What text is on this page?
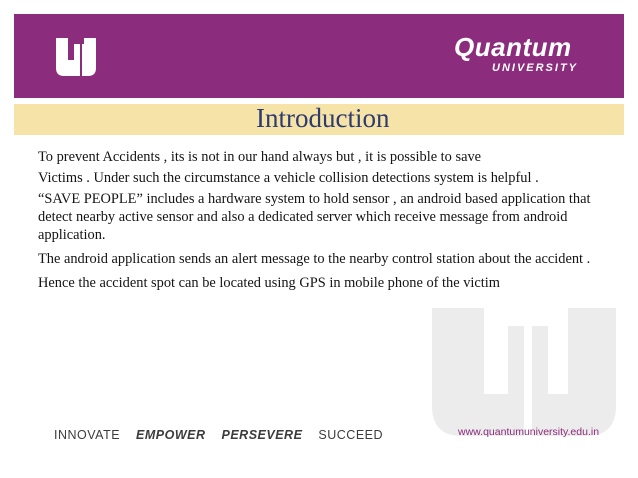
Quantum
UNIVERSITY
Introduction

To prevent Accidents , its is not in our hand always but , it is possible to save

Victims . Under such the circumstance a vehicle collision detections system is helpful .

“SAVE PEOPLE” includes a hardware system to hold sensor , an android based application that detect nearby active sensor and also a dedicated server which receive message from android application.

The android application sends an alert message to the nearby control station about the accident .

Hence the accident spot can be located using GPS in mobile phone of the victim

INNOVATE EMPOWER PERSEVERE SUCCEED	www.quantumuniversity.edu.in
